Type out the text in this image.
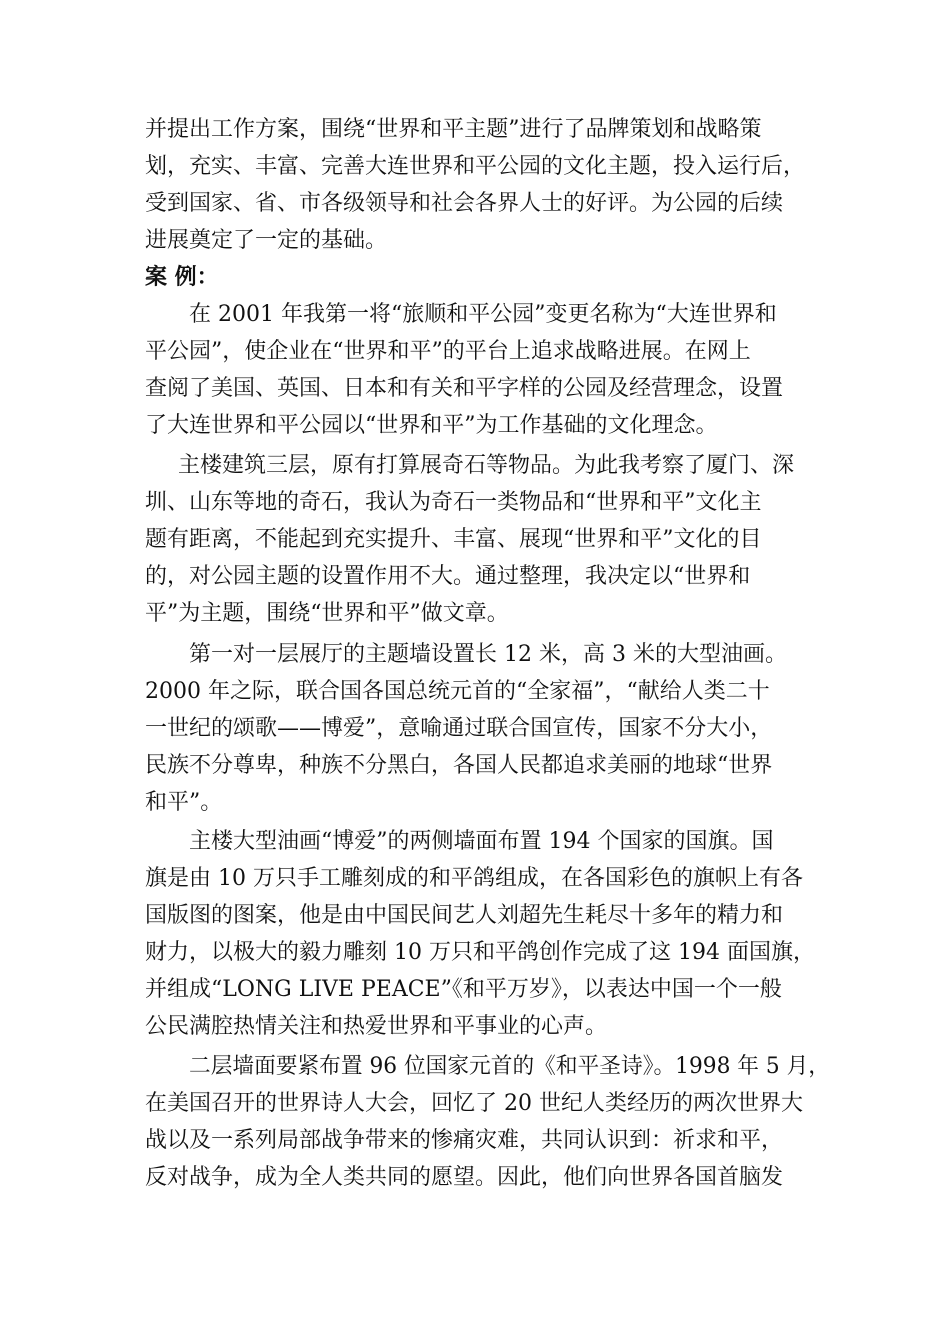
并提出工作方案，围绕“世界和平主题”进行了品牌策划和战略策
划，充实、丰富、完善大连世界和平公园的文化主题，投入运行后，
受到国家、省、市各级领导和社会各界人士的好评。为公园的后续
进展奠定了一定的基础。
案 例：
在 2001 年我第一将“旅顺和平公园”变更名称为“大连世界和
平公园”，使企业在“世界和平”的平台上追求战略进展。在网上
查阅了美国、英国、日本和有关和平字样的公园及经营理念，设置
了大连世界和平公园以“世界和平”为工作基础的文化理念。
主楼建筑三层，原有打算展奇石等物品。为此我考察了厦门、深
圳、山东等地的奇石，我认为奇石一类物品和“世界和平”文化主
题有距离，不能起到充实提升、丰富、展现“世界和平”文化的目
的，对公园主题的设置作用不大。通过整理，我决定以“世界和
平”为主题，围绕“世界和平”做文章。
第一对一层展厅的主题墙设置长 12 米，高 3 米的大型油画。
2000 年之际，联合国各国总统元首的“全家福”，“献给人类二十
一世纪的颂歌——博爱”，意喻通过联合国宣传，国家不分大小，
民族不分尊卑，种族不分黑白，各国人民都追求美丽的地球“世界
和平”。
主楼大型油画“博爱”的两侧墙面布置 194 个国家的国旗。国
旗是由 10 万只手工雕刻成的和平鸽组成，在各国彩色的旗帜上有各
国版图的图案，他是由中国民间艺人刘超先生耗尽十多年的精力和
财力，以极大的毅力雕刻 10 万只和平鸽创作完成了这 194 面国旗，
并组成“LONG LIVE PEACE”《和平万岁》，以表达中国一个一般
公民满腔热情关注和热爱世界和平事业的心声。
二层墙面要紧布置 96 位国家元首的《和平圣诗》。1998 年 5 月，
在美国召开的世界诗人大会，回忆了 20 世纪人类经历的两次世界大
战以及一系列局部战争带来的惨痛灾难，共同认识到：祈求和平，
反对战争，成为全人类共同的愿望。因此，他们向世界各国首脑发
